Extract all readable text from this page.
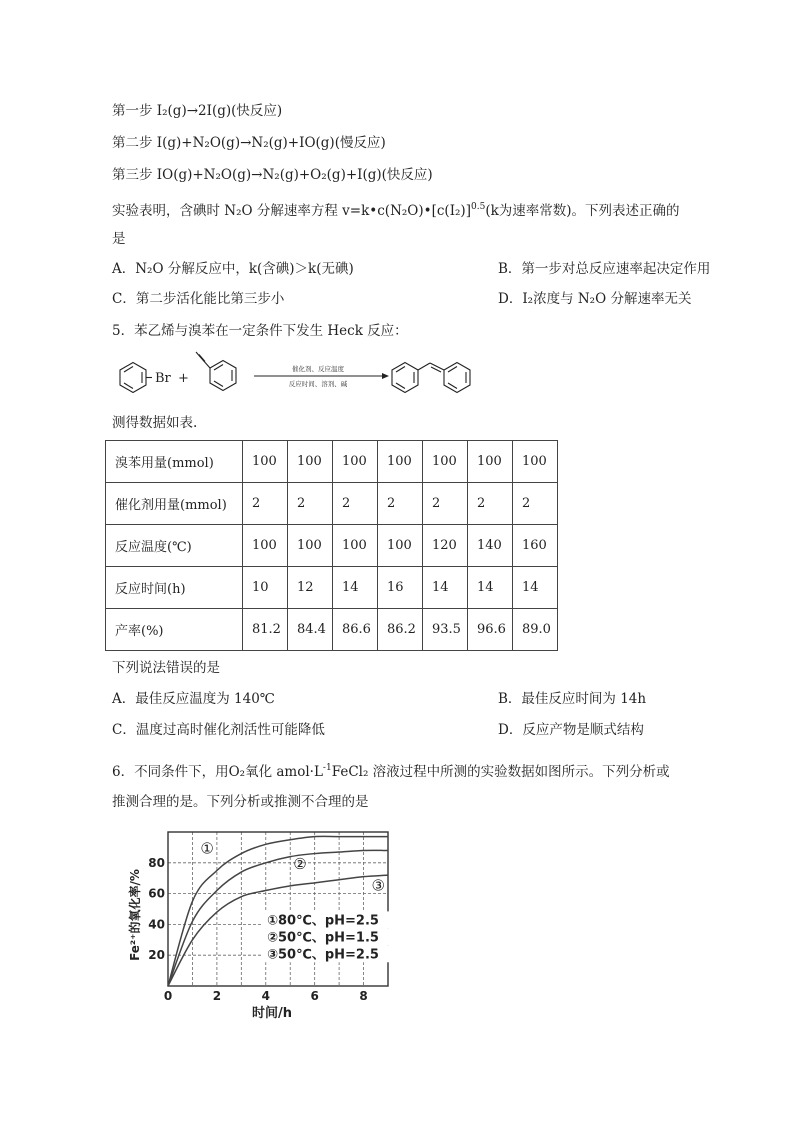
第一步 I₂(g)→2I(g)(快反应)
第二步 I(g)+N₂O(g)→N₂(g)+IO(g)(慢反应)
第三步 IO(g)+N₂O(g)→N₂(g)+O₂(g)+I(g)(快反应)
实验表明，含碘时 N₂O 分解速率方程 $v=k•c(N_2O)•[c(I_2)]^{0.5}(k$为速率常数)。下列表述正确的
是
A．N₂O 分解反应中，k(含碘)＞k(无碘)	B．第一步对总反应速率起决定作用
C．第二步活化能比第三步小	D．I₂浓度与 N₂O 分解速率无关
5．苯乙烯与溴苯在一定条件下发生 Heck 反应：
Br +
催化剂、反应温度
反应时间、溶剂、碱
测得数据如表.
溴苯用量(mmol)	100	100	100	100	100	100	100
催化剂用量(mmol)	2	2	2	2	2	2	2
反应温度(℃)	100	100	100	100	120	140	160
反应时间(h)	10	12	14	16	14	14	14
产率(%)	81.2	84.4	86.6	86.2	93.5	96.6	89.0
下列说法错误的是
A．最佳反应温度为 140℃	B．最佳反应时间为 14h
C．温度过高时催化剂活性可能降低	D．反应产物是顺式结构
6．不同条件下，用O₂氧化 $amol\cdot L^{-1}FeCl_2$ 溶液过程中所测的实验数据如图所示。下列分析或
推测合理的是。下列分析或推测不合理的是
0	2	4	6	8
20
40
60
80
时间/h
Fe²⁺的氧化率/%
①
②
③
①80℃、pH=2.5
②50℃、pH=1.5
③50℃、pH=2.5
